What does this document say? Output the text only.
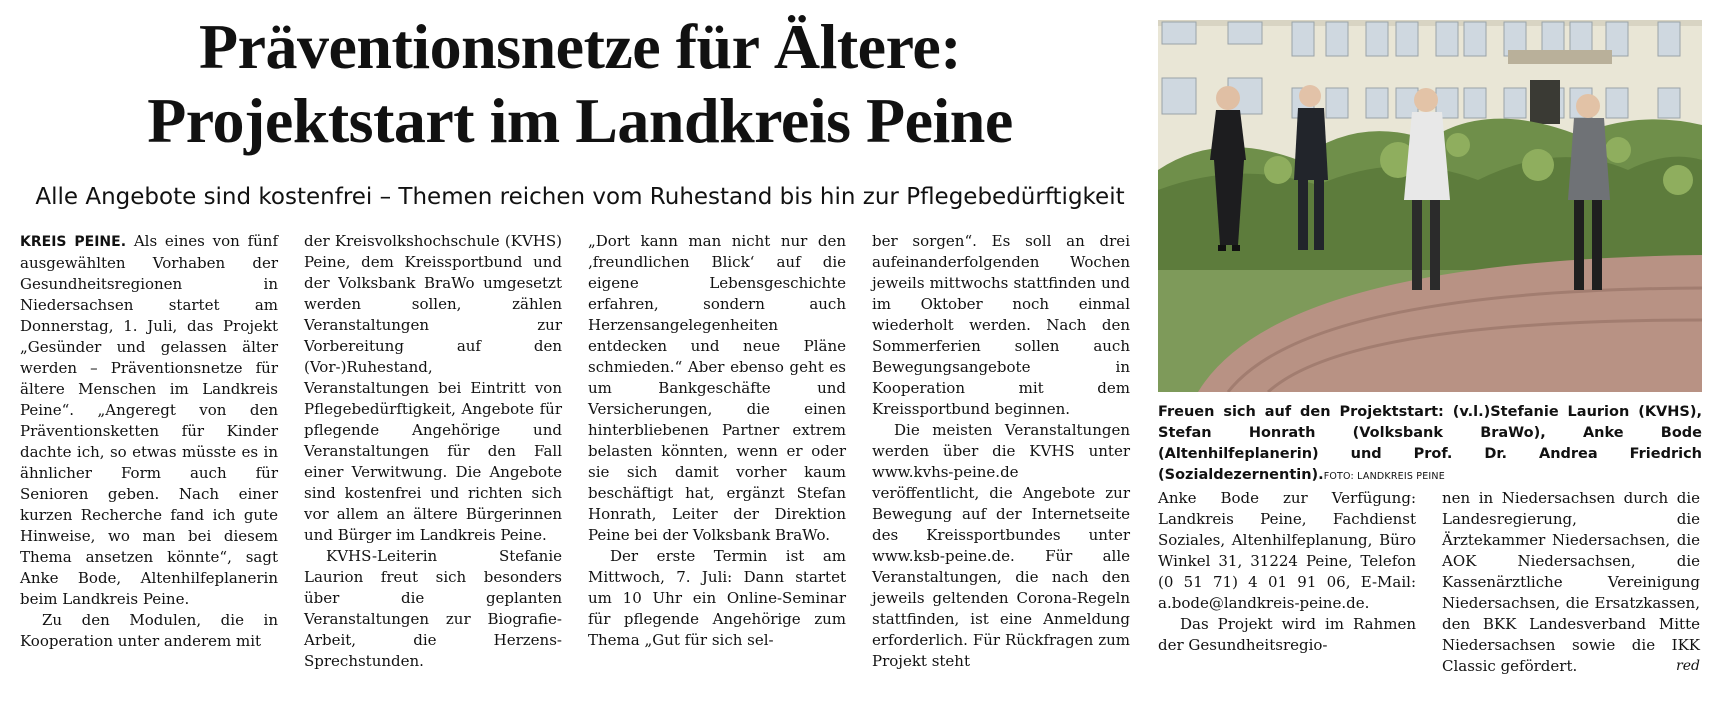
Präventionsnetze für Ältere:
Projektstart im Landkreis Peine
Alle Angebote sind kostenfrei – Themen reichen vom Ruhestand bis hin zur Pflegebedürftigkeit

KREIS PEINE. Als eines von fünf ausgewählten Vorhaben der Gesundheitsregionen in Niedersachsen startet am Donnerstag, 1. Juli, das Projekt „Gesünder und gelassen älter werden – Präventionsnetze für ältere Menschen im Landkreis Peine“. „Angeregt von den Präventionsketten für Kinder dachte ich, so etwas müsste es in ähnlicher Form auch für Senioren geben. Nach einer kurzen Recherche fand ich gute Hinweise, wo man bei diesem Thema ansetzen könnte“, sagt Anke Bode, Altenhilfeplanerin beim Landkreis Peine.

Zu den Modulen, die in Kooperation unter anderem mit

der Kreisvolkshochschule (KVHS) Peine, dem Kreissportbund und der Volksbank BraWo umgesetzt werden sollen, zählen Veranstaltungen zur Vorbereitung auf den (Vor-)Ruhestand, Veranstaltungen bei Eintritt von Pflegebedürftigkeit, Angebote für pflegende Angehörige und Veranstaltungen für den Fall einer Verwitwung. Die Angebote sind kostenfrei und richten sich vor allem an ältere Bürgerinnen und Bürger im Landkreis Peine.

KVHS-Leiterin Stefanie Laurion freut sich besonders über die geplanten Veranstaltungen zur Biografie-Arbeit, die Herzens-Sprechstunden.

„Dort kann man nicht nur den ‚freundlichen Blick‘ auf die eigene Lebensgeschichte erfahren, sondern auch Herzensangelegenheiten entdecken und neue Pläne schmieden.“ Aber ebenso geht es um Bankgeschäfte und Versicherungen, die einen hinterbliebenen Partner extrem belasten könnten, wenn er oder sie sich damit vorher kaum beschäftigt hat, ergänzt Stefan Honrath, Leiter der Direktion Peine bei der Volksbank BraWo.

Der erste Termin ist am Mittwoch, 7. Juli: Dann startet um 10 Uhr ein Online-Seminar für pflegende Angehörige zum Thema „Gut für sich sel-

ber sorgen“. Es soll an drei aufeinanderfolgenden Wochen jeweils mittwochs stattfinden und im Oktober noch einmal wiederholt werden. Nach den Sommerferien sollen auch Bewegungsangebote in Kooperation mit dem Kreissportbund beginnen.

Die meisten Veranstaltungen werden über die KVHS unter www.kvhs-peine.de veröffentlicht, die Angebote zur Bewegung auf der Internetseite des Kreissportbundes unter www.ksb-peine.de. Für alle Veranstaltungen, die nach den jeweils geltenden Corona-Regeln stattfinden, ist eine Anmeldung erforderlich. Für Rückfragen zum Projekt steht

Freuen sich auf den Projektstart: (v.l.)Stefanie Laurion (KVHS), Stefan Honrath (Volksbank BraWo), Anke Bode (Altenhilfeplanerin) und Prof. Dr. Andrea Friedrich (Sozialdezernentin).FOTO: LANDKREIS PEINE

Anke Bode zur Verfügung: Landkreis Peine, Fachdienst Soziales, Altenhilfeplanung, Büro Winkel 31, 31224 Peine, Telefon (0 51 71) 4 01 91 06, E-Mail: a.bode@landkreis-peine.de.

Das Projekt wird im Rahmen der Gesundheitsregio-

nen in Niedersachsen durch die Landesregierung, die Ärztekammer Niedersachsen, die AOK Niedersachsen, die Kassenärztliche Vereinigung Niedersachsen, die Ersatzkassen, den BKK Landesverband Mitte Niedersachsen sowie die IKK Classic gefördert.	red
